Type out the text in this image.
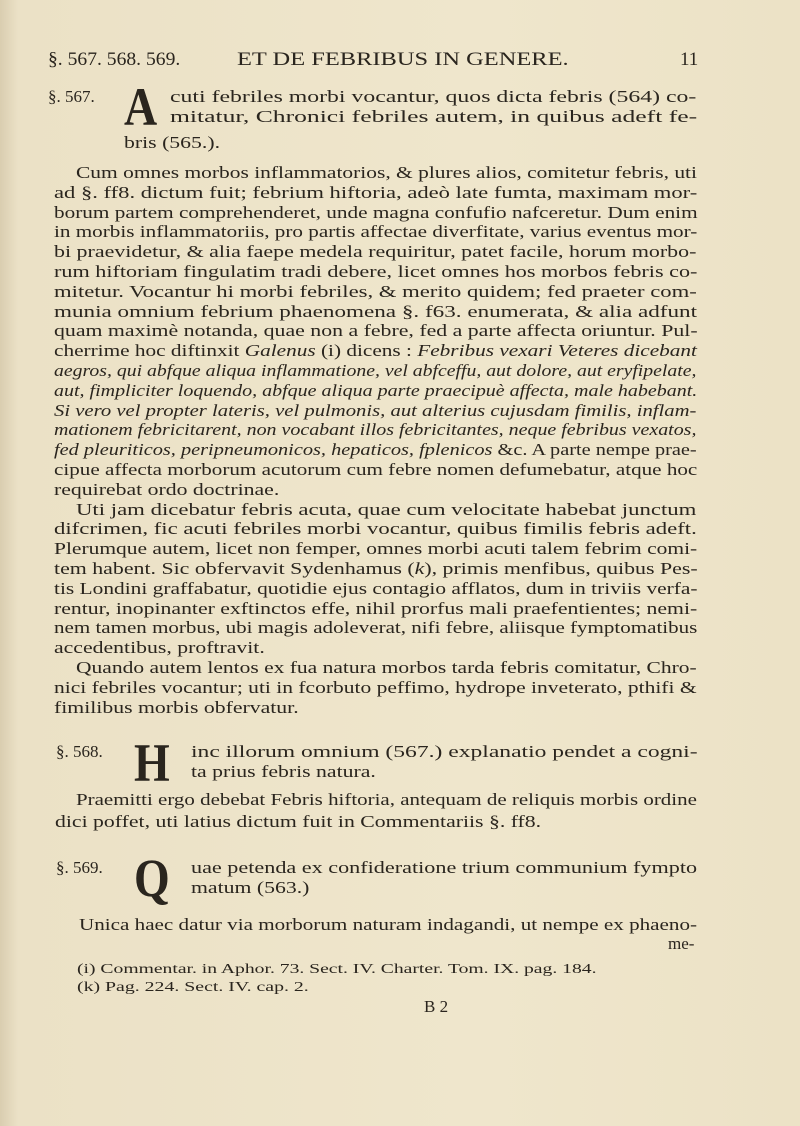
§. 567. 568. 569.	ET DE FEBRIBUS IN GENERE.	11
§. 567. A cuti febriles morbi vocantur, quos dicta febris (564) co-
mitatur, Chronici febriles autem, in quibus adeft fe-
bris (565.).
Cum omnes morbos inflammatorios, & plures alios, comitetur febris, uti
ad §. ff8. dictum fuit; febrium hiftoria, adeò late fumta, maximam mor-
borum partem comprehenderet, unde magna confufio nafceretur. Dum enim
in morbis inflammatoriis, pro partis affectae diverfitate, varius eventus mor-
bi praevidetur, & alia faepe medela requiritur, patet facile, horum morbo-
rum hiftoriam fingulatim tradi debere, licet omnes hos morbos febris co-
mitetur. Vocantur hi morbi febriles, & merito quidem; fed praeter com-
munia omnium febrium phaenomena §. f63. enumerata, & alia adfunt
quam maximè notanda, quae non a febre, fed a parte affecta oriuntur. Pul-
cherrime hoc diftinxit Galenus (i) dicens : Febribus vexari Veteres dicebant
aegros, qui abfque aliqua inflammatione, vel abfceffu, aut dolore, aut eryfipelate,
aut, fimpliciter loquendo, abfque aliqua parte praecipuè affecta, male habebant.
Si vero vel propter lateris, vel pulmonis, aut alterius cujusdam fimilis, inflam-
mationem febricitarent, non vocabant illos febricitantes, neque febribus vexatos,
fed pleuriticos, peripneumonicos, hepaticos, fplenicos &c. A parte nempe prae-
cipue affecta morborum acutorum cum febre nomen defumebatur, atque hoc
requirebat ordo doctrinae.
Uti jam dicebatur febris acuta, quae cum velocitate habebat junctum
difcrimen, fic acuti febriles morbi vocantur, quibus fimilis febris adeft.
Plerumque autem, licet non femper, omnes morbi acuti talem febrim comi-
tem habent. Sic obfervavit Sydenhamus (k), primis menfibus, quibus Pes-
tis Londini graffabatur, quotidie ejus contagio afflatos, dum in triviis verfa-
rentur, inopinanter exftinctos effe, nihil prorfus mali praefentientes; nemi-
nem tamen morbus, ubi magis adoleverat, nifi febre, aliisque fymptomatibus
accedentibus, proftravit.
Quando autem lentos ex fua natura morbos tarda febris comitatur, Chro-
nici febriles vocantur; uti in fcorbuto peffimo, hydrope inveterato, pthifi &
fimilibus morbis obfervatur.
§. 568. H inc illorum omnium (567.) explanatio pendet a cogni-
ta prius febris natura.
Praemitti ergo debebat Febris hiftoria, antequam de reliquis morbis ordine
dici poffet, uti latius dictum fuit in Commentariis §. ff8.
§. 569. Q uae petenda ex confideratione trium communium fympto
matum (563.)
Unica haec datur via morborum naturam indagandi, ut nempe ex phaeno-
me-
(i) Commentar. in Aphor. 73. Sect. IV. Charter. Tom. IX. pag. 184.
(k) Pag. 224. Sect. IV. cap. 2.
B 2
